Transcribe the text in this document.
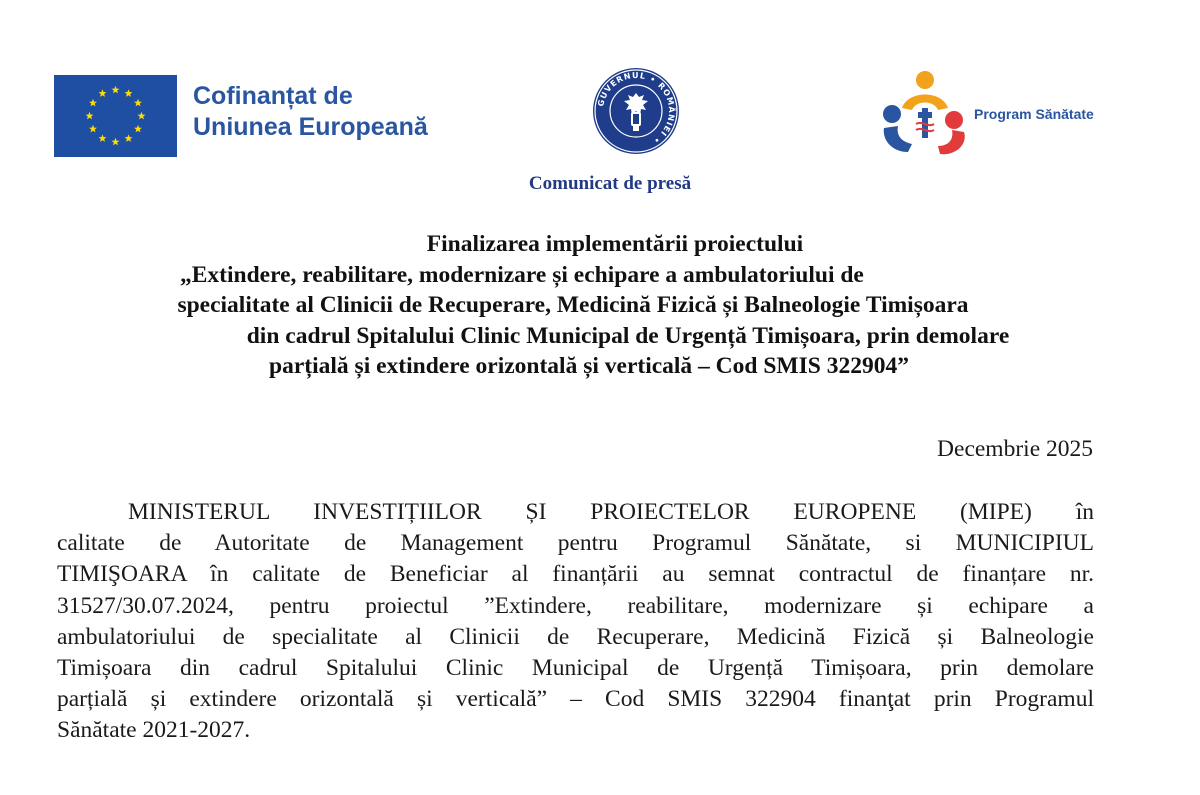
Cofinanțat de
Uniunea Europeană
GUVERNUL • ROMÂNIEI •
Program Sănătate
Comunicat de presă
Finalizarea implementării proiectului
„Extindere, reabilitare, modernizare și echipare a ambulatoriului de
specialitate al Clinicii de Recuperare, Medicină Fizică și Balneologie Timișoara
din cadrul Spitalului Clinic Municipal de Urgență Timișoara, prin demolare
parțială și extindere orizontală și verticală – Cod SMIS 322904”
Decembrie 2025
MINISTERUL INVESTIȚIILOR ȘI PROIECTELOR EUROPENE (MIPE) în
calitate de Autoritate de Management pentru Programul Sănătate, si MUNICIPIUL
TIMIŞOARA în calitate de Beneficiar al finanțării au semnat contractul de finanțare nr.
31527/30.07.2024, pentru proiectul ”Extindere, reabilitare, modernizare și echipare a
ambulatoriului de specialitate al Clinicii de Recuperare, Medicină Fizică și Balneologie
Timișoara din cadrul Spitalului Clinic Municipal de Urgență Timișoara, prin demolare
parțială și extindere orizontală și verticală” – Cod SMIS 322904 finanţat prin Programul
Sănătate 2021-2027.
